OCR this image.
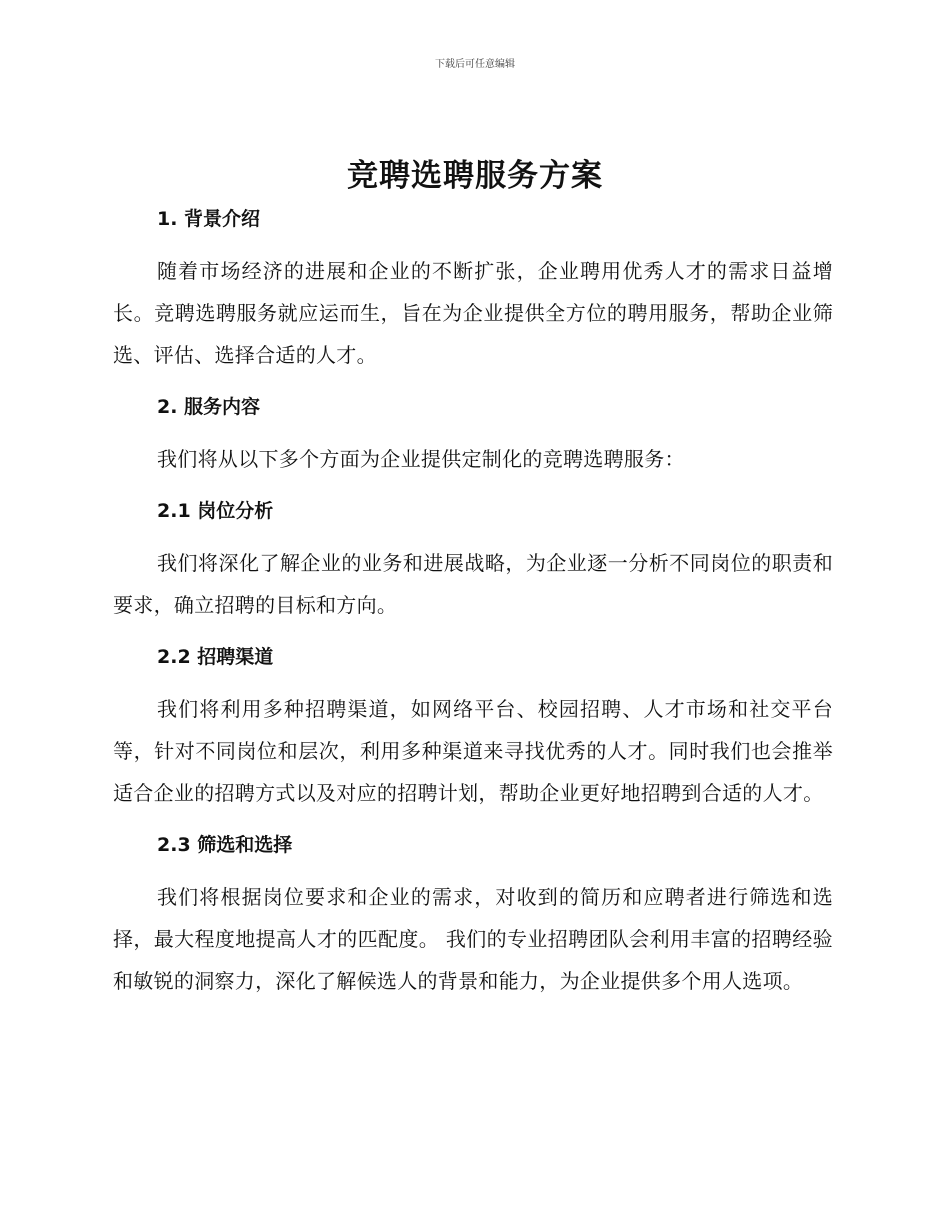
下载后可任意编辑
竞聘选聘服务方案
1. 背景介绍

随着市场经济的进展和企业的不断扩张，企业聘用优秀人才的需求日益增长。竞聘选聘服务就应运而生，旨在为企业提供全方位的聘用服务，帮助企业筛选、评估、选择合适的人才。

2. 服务内容

我们将从以下多个方面为企业提供定制化的竞聘选聘服务：

2.1 岗位分析

我们将深化了解企业的业务和进展战略，为企业逐一分析不同岗位的职责和要求，确立招聘的目标和方向。

2.2 招聘渠道

我们将利用多种招聘渠道，如网络平台、校园招聘、人才市场和社交平台等，针对不同岗位和层次，利用多种渠道来寻找优秀的人才。同时我们也会推举适合企业的招聘方式以及对应的招聘计划，帮助企业更好地招聘到合适的人才。

2.3 筛选和选择

我们将根据岗位要求和企业的需求，对收到的简历和应聘者进行筛选和选择，最大程度地提高人才的匹配度。 我们的专业招聘团队会利用丰富的招聘经验和敏锐的洞察力，深化了解候选人的背景和能力，为企业提供多个用人选项。
